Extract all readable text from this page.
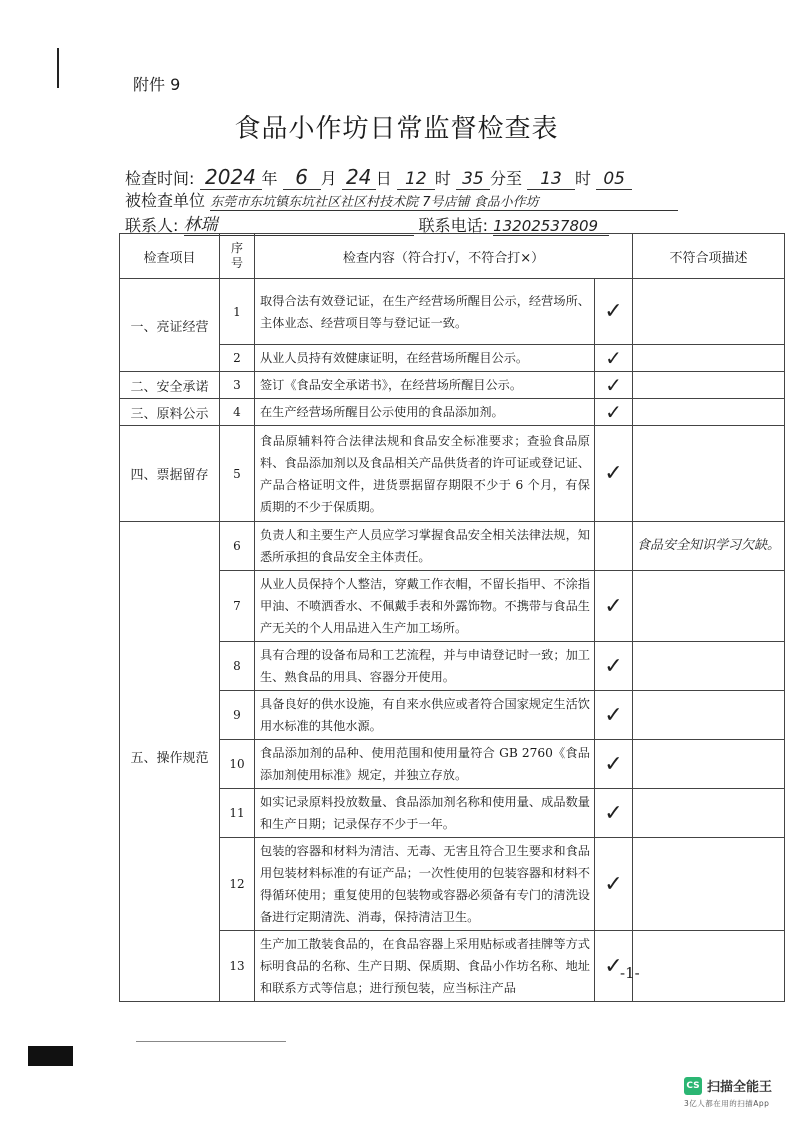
附件 9
食品小作坊日常监督检查表
检查时间: 2024 年 6 月 24 日 12 时 35 分至 13 时 05
被检查单位 东莞市东坑镇东坑社区社区村技术院 7号店铺 食品小作坊
联系人: 林瑞	联系电话: 13202537809
检查项目	序号	检查内容（符合打√，不符合打×）		不符合项描述
一、亮证经营	1	取得合法有效登记证，在生产经营场所醒目公示，经营场所、主体业态、经营项目等与登记证一致。	✓	
	2	从业人员持有效健康证明，在经营场所醒目公示。	✓	
二、安全承诺	3	签订《食品安全承诺书》，在经营场所醒目公示。	✓	
三、原料公示	4	在生产经营场所醒目公示使用的食品添加剂。	✓	
四、票据留存	5	食品原辅料符合法律法规和食品安全标准要求；查验食品原料、食品添加剂以及食品相关产品供货者的许可证或登记证、产品合格证明文件，进货票据留存期限不少于 6 个月，有保质期的不少于保质期。	✓	
五、操作规范	6	负责人和主要生产人员应学习掌握食品安全相关法律法规，知悉所承担的食品安全主体责任。		食品安全知识学习欠缺。

	7	从业人员保持个人整洁，穿戴工作衣帽，不留长指甲、不涂指甲油、不喷洒香水、不佩戴手表和外露饰物。不携带与食品生产无关的个人用品进入生产加工场所。	✓	
	8	具有合理的设备布局和工艺流程，并与申请登记时一致；加工生、熟食品的用具、容器分开使用。	✓	
	9	具备良好的供水设施，有自来水供应或者符合国家规定生活饮用水标准的其他水源。	✓	
	10	食品添加剂的品种、使用范围和使用量符合 GB 2760《食品添加剂使用标准》规定，并独立存放。	✓	
	11	如实记录原料投放数量、食品添加剂名称和使用量、成品数量和生产日期；记录保存不少于一年。	✓	
	12	包装的容器和材料为清洁、无毒、无害且符合卫生要求和食品用包装材料标准的有证产品；一次性使用的包装容器和材料不得循环使用；重复使用的包装物或容器必须备有专门的清洗设备进行定期清洗、消毒，保持清洁卫生。	✓	
	13	生产加工散装食品的，在食品容器上采用贴标或者挂牌等方式标明食品的名称、生产日期、保质期、食品小作坊名称、地址和联系方式等信息；进行预包装，应当标注产品	✓	
-1-
CS 扫描全能王
3亿人都在用的扫描App
